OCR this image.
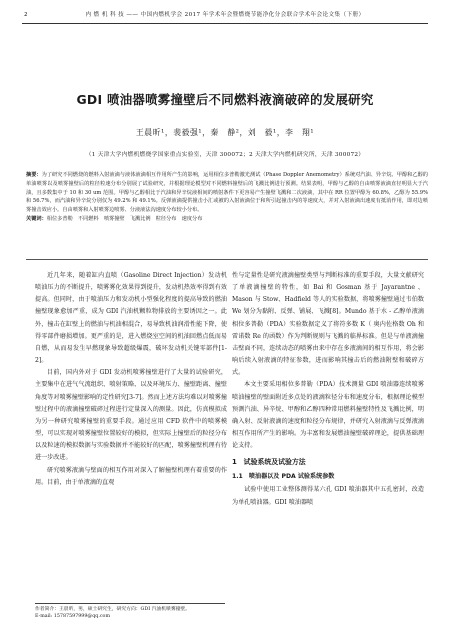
2	内 燃 机 科 技 —— 中国内燃机学会 2017 年学术年会暨燃烧节能净化分会联合学术年会论文集（下册）
GDI 喷油器喷雾撞壁后不同燃料液滴破碎的发展研究
王晨昕¹，裴毅强¹，秦　静²，刘　毅¹，李　翔¹
（1 天津大学内燃机燃烧学国家重点实验室，天津 300072；2 天津大学内燃机研究所，天津 300072）
摘要：为了研究不同燃烧的燃料入射液滴与液体液滴相互作用所产生的影响，运用相位多普勒激光测试（Phase Doppler Anemometry）系统对汽油、异辛烷、甲醇和乙醇的单油喷雾以及喷雾撞壁后的粒径粒速分布分别展了试验研究，并根据理论模型对不同燃料撞壁后的飞溅比例进行预测。结果表明，甲醇与乙醇的自由喷雾液滴直径明显大于汽油，且多数集中于 10 和 30 um 范围。甲醇与乙醇相比于汽油和异辛烷液相间的喷射条件下更容易产生撞壁飞溅和二次液滴，其中在 RR 位置甲醇为 60.8%，乙醇为 55.9% 和 56.7%，而汽油和异辛烷分别仅为 49.2% 和 49.1%。反弹液滴提供撞击小汇或被的入射液滴位于和所引起撞击内的等速度大，并对入射液滴出速度有抵消作用，即对边喷雾撞击效应小。自由喷雾和入射喷雾边喷雾、分液液法沟速度分布较小分布。
关键词：相位多普勒　不同燃料　喷雾撞壁　飞溅比例　粒径分布　速度分布

近几年来，随着缸内直喷（Gasoline Direct Injection）发动机喷油压力的不断提升，喷雾雾化效果得到提升，发动机热效率得到有效提高。但同时，由于喷油压力和发动机小型强化程度的提高导致的燃油撞壁现象愈加严重，成为 GDI 汽油机颗粒物排放的主要诱因之一。此外，撞击在缸壁上的燃油与机油相混合，易导致机油润滑性能下降，使得零部件磨损增加。更严重的是，进入燃烧室空间的机油回燃点低而易自燃，从而易发生早燃现象导致超级爆震，破坏发动机关键零部件[1-2]。

目前，国内外对于 GDI 发动机喷雾撞壁进行了大量的试验研究，主要集中在进气气流组织、喷射策略、以及环境压力、撞壁距离、撞壁角度等对喷雾撞壁影响的定性研究[3-7]。然而上述方法均难以对喷雾撞壁过程中的液滴撞壁破碎过程进行定量深入的测量。因此，仿真模拟成为另一种研究喷雾撞壁的重要手段。通过应用 CFD 软件中的喷雾模型，可以实现对喷雾撞壁位置较好的模拟，但实际上撞壁后的粒径分布以及粒速的模拟数据与实验数据并不能较好的匹配，喷雾撞壁机理有待进一步改进。

研究喷雾液滴与壁面的相互作用对深入了解撞壁机理有着重要的作用。目前，由于单液滴的直观

性与定量性是研究液滴撞壁类型与判断标准的重要手段，大量文献研究了单液滴撞壁的特性，如 Bai 和 Gosman 基于 Jayarantne 、Mason 与 Stow、Hadfield 等人的实验数据，将喷雾撞壁通过韦伯数 We 划分为黏附、反弹、铺展、飞溅[8]。Mundo 基于水 - 乙醇单液滴相位多普勒（PDA）实验数据定义了将符多数 K（ 奥内佐格数 Oh 和雷诺数 Re 的函数）作为判断规则与飞溅的临界标准。但是与单液滴撞击壁面不同，连续动态的喷雾由来中存在多液滴间的相互作用，将会影响后续入射液滴的特征参数，进而影响其撞击后的燃油附壁和破碎方式。

本文主要采用相位多普勒（PDA）技术测量 GDI 喷油器连续喷雾喷油撞壁的壁面附近多点处的液滴粒径分布和速度分布，根据理论模型预测汽油、异辛烷、甲醇和乙醇四种常用燃料撞壁特性及飞溅比例，明确入射、反射液滴的速度和粒径分布规律，并研究入射液滴与反弹液滴相互作用所产生的影响。为丰富和发展燃油撞壁破碎理论，提供基础理论支持。

1　试验系统及试验方法
1.1　喷油器以及 PDA 试验系统参数

试验中使用工业整体测得某六孔 GDI 喷油器其中五孔密封，改造为单孔喷油器。GDI 喷油器喷

作者简介：王晨昕，男，硕士研究生，研究方向：GDI 汽油机喷雾撞壁。
E-mail: 15787597999@qq.com
